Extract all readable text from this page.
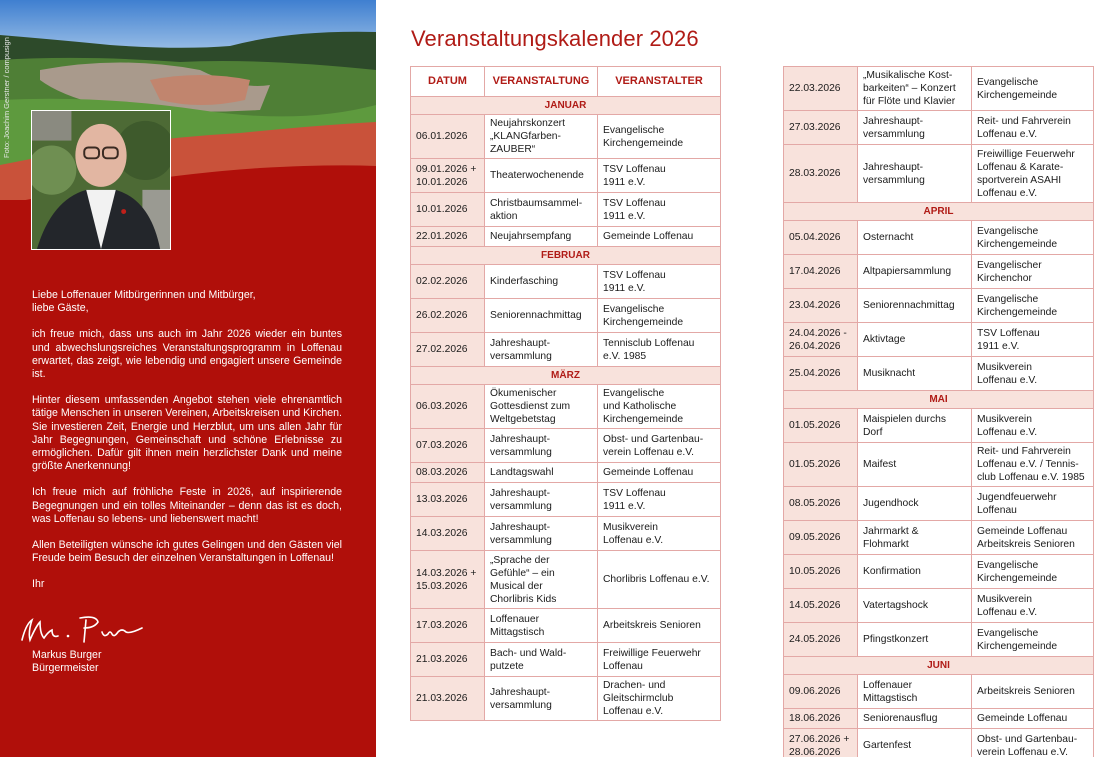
Foto: Joachim Gerstner / compusign

Liebe Loffenauer Mitbürgerinnen und Mitbürger,
liebe Gäste,

ich freue mich, dass uns auch im Jahr 2026 wieder ein buntes und abwechslungsreiches Veranstaltungsprogramm in Loffenau erwartet, das zeigt, wie lebendig und engagiert unsere Gemeinde ist.

Hinter diesem umfassenden Angebot stehen viele ehrenamtlich tätige Menschen in unseren Vereinen, Arbeitskreisen und Kirchen. Sie investieren Zeit, Energie und Herzblut, um uns allen Jahr für Jahr Begegnungen, Gemeinschaft und schöne Erlebnisse zu ermöglichen. Dafür gilt ihnen mein herzlichster Dank und meine größte Anerkennung!

Ich freue mich auf fröhliche Feste in 2026, auf inspirierende Begegnungen und ein tolles Miteinander – denn das ist es doch, was Loffenau so lebens- und liebenswert macht!

Allen Beteiligten wünsche ich gutes Gelingen und den Gästen viel Freude beim Besuch der einzelnen Veranstaltungen in Loffenau!

Ihr

Markus Burger
Bürgermeister
Veranstaltungskalender 2026
DATUM	VERANSTALTUNG	VERANSTALTER
JANUAR		
06.01.2026	Neujahrskonzert
„KLANGfarben-
ZAUBER“	Evangelische
Kirchengemeinde
09.01.2026 +
10.01.2026	Theaterwochenende	TSV Loffenau
1911 e.V.
10.01.2026	Christbaumsammel-
aktion	TSV Loffenau
1911 e.V.
22.01.2026	Neujahrsempfang	Gemeinde Loffenau
FEBRUAR		
02.02.2026	Kinderfasching	TSV Loffenau
1911 e.V.
26.02.2026	Seniorennachmittag	Evangelische
Kirchengemeinde
27.02.2026	Jahreshaupt-
versammlung	Tennisclub Loffenau
e.V. 1985
MÄRZ		
06.03.2026	Ökumenischer
Gottesdienst zum
Weltgebetstag	Evangelische
und Katholische
Kirchengemeinde
07.03.2026	Jahreshaupt-
versammlung	Obst- und Gartenbau-
verein Loffenau e.V.
08.03.2026	Landtagswahl	Gemeinde Loffenau
13.03.2026	Jahreshaupt-
versammlung	TSV Loffenau
1911 e.V.
14.03.2026	Jahreshaupt-
versammlung	Musikverein
Loffenau e.V.
14.03.2026 +
15.03.2026	„Sprache der
Gefühle“ – ein
Musical der
Chorlibris Kids	Chorlibris Loffenau e.V.
17.03.2026	Loffenauer
Mittagstisch	Arbeitskreis Senioren
21.03.2026	Bach- und Wald-
putzete	Freiwillige Feuerwehr
Loffenau
21.03.2026	Jahreshaupt-
versammlung	Drachen- und
Gleitschirmclub
Loffenau e.V.
22.03.2026	„Musikalische Kost-
barkeiten“ – Konzert
für Flöte und Klavier	Evangelische
Kirchengemeinde
27.03.2026	Jahreshaupt-
versammlung	Reit- und Fahrverein
Loffenau e.V.
28.03.2026	Jahreshaupt-
versammlung	Freiwillige Feuerwehr
Loffenau & Karate-
sportverein ASAHI
Loffenau e.V.
APRIL		
05.04.2026	Osternacht	Evangelische
Kirchengemeinde
17.04.2026	Altpapiersammlung	Evangelischer
Kirchenchor
23.04.2026	Seniorennachmittag	Evangelische
Kirchengemeinde
24.04.2026 -
26.04.2026	Aktivtage	TSV Loffenau
1911 e.V.
25.04.2026	Musiknacht	Musikverein
Loffenau e.V.
MAI		
01.05.2026	Maispielen durchs
Dorf	Musikverein
Loffenau e.V.
01.05.2026	Maifest	Reit- und Fahrverein
Loffenau e.V. / Tennis-
club Loffenau e.V. 1985
08.05.2026	Jugendhock	Jugendfeuerwehr
Loffenau
09.05.2026	Jahrmarkt &
Flohmarkt	Gemeinde Loffenau
Arbeitskreis Senioren
10.05.2026	Konfirmation	Evangelische
Kirchengemeinde
14.05.2026	Vatertagshock	Musikverein
Loffenau e.V.
24.05.2026	Pfingstkonzert	Evangelische
Kirchengemeinde
JUNI		
09.06.2026	Loffenauer
Mittagstisch	Arbeitskreis Senioren
18.06.2026	Seniorenausflug	Gemeinde Loffenau
27.06.2026 +
28.06.2026	Gartenfest	Obst- und Gartenbau-
verein Loffenau e.V.
